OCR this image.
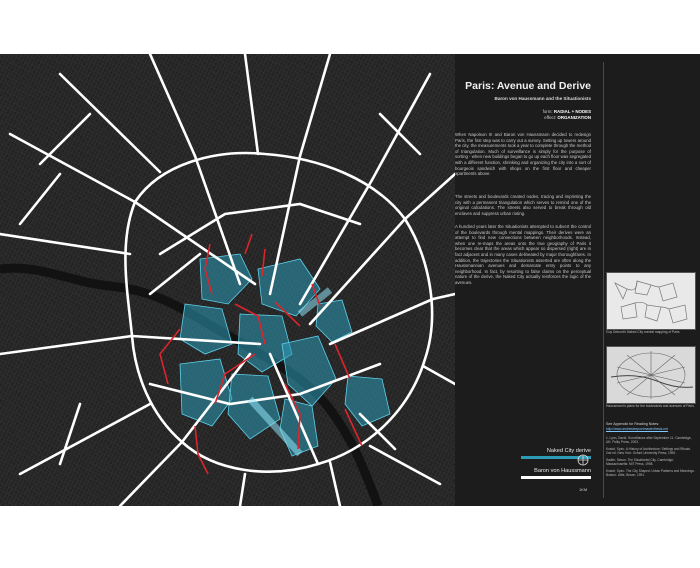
Paris: Avenue and Derive
Baron von Haussmann and the Situationists
form: RADIAL + NODES
effect: ORGANIZATION

When Napoleon III and Baron von Haussmann decided to redesign Paris, the first step was to carry out a survey. Setting up towers around the city, the measurements took a year to complete through the method of triangulation. Much of surveillance is simply for the purpose of sorting - when new buildings began to go up each floor was segregated with a different function, shrinking and organizing the city into a sort of bourgeois sandwich with shops on the first floor and cheaper apartments above.

The streets and boulevards created nodes, tracing and imprinting the city with a permanent triangulation which serves to remind one of the original calculations. The streets also served to break through old enclaves and suppress urban rioting.

A hundred years later the Situationists attempted to subvert the control of the boulevards through mental mappings. Their derives were an attempt to find new connections between neighborhoods. Instead, when one re-maps the areas onto the true geography of Paris it becomes clear that the areas which appear so dispersed (right) are in fact adjacent and in many cases delineated by major thoroughfares. In addition, the trajectories the Situationists asserted are often along the Haussmannian avenues and demarcate entry points to any neighborhood. In fact, by resorting to false claims on the perceptual nature of the derive, the Naked City actually reinforces the logic of the avenues.

Guy Debord's Naked City mental mapping of Paris
Haussmann's plans for the boulevards and avenues of Paris
See Appendix for Reading Notes:
http://www.andrewleepoetmasterthesis.net
1. Lyon, David. Surveillance after September 11. Cambridge, UK: Polity Press, 2003.
Kostof, Spiro. A History of Architecture: Settings and Rituals. 2nd ed. New York: Oxford University Press, 1995.
Sadler, Simon. The Situationist City. Cambridge, Massachusetts: MIT Press, 1998.
Kostof, Spiro. The City Shaped: Urban Patterns and Meanings. Boston: Little, Brown, 1991.
Naked City derive
Baron von Haussmann
1KM
